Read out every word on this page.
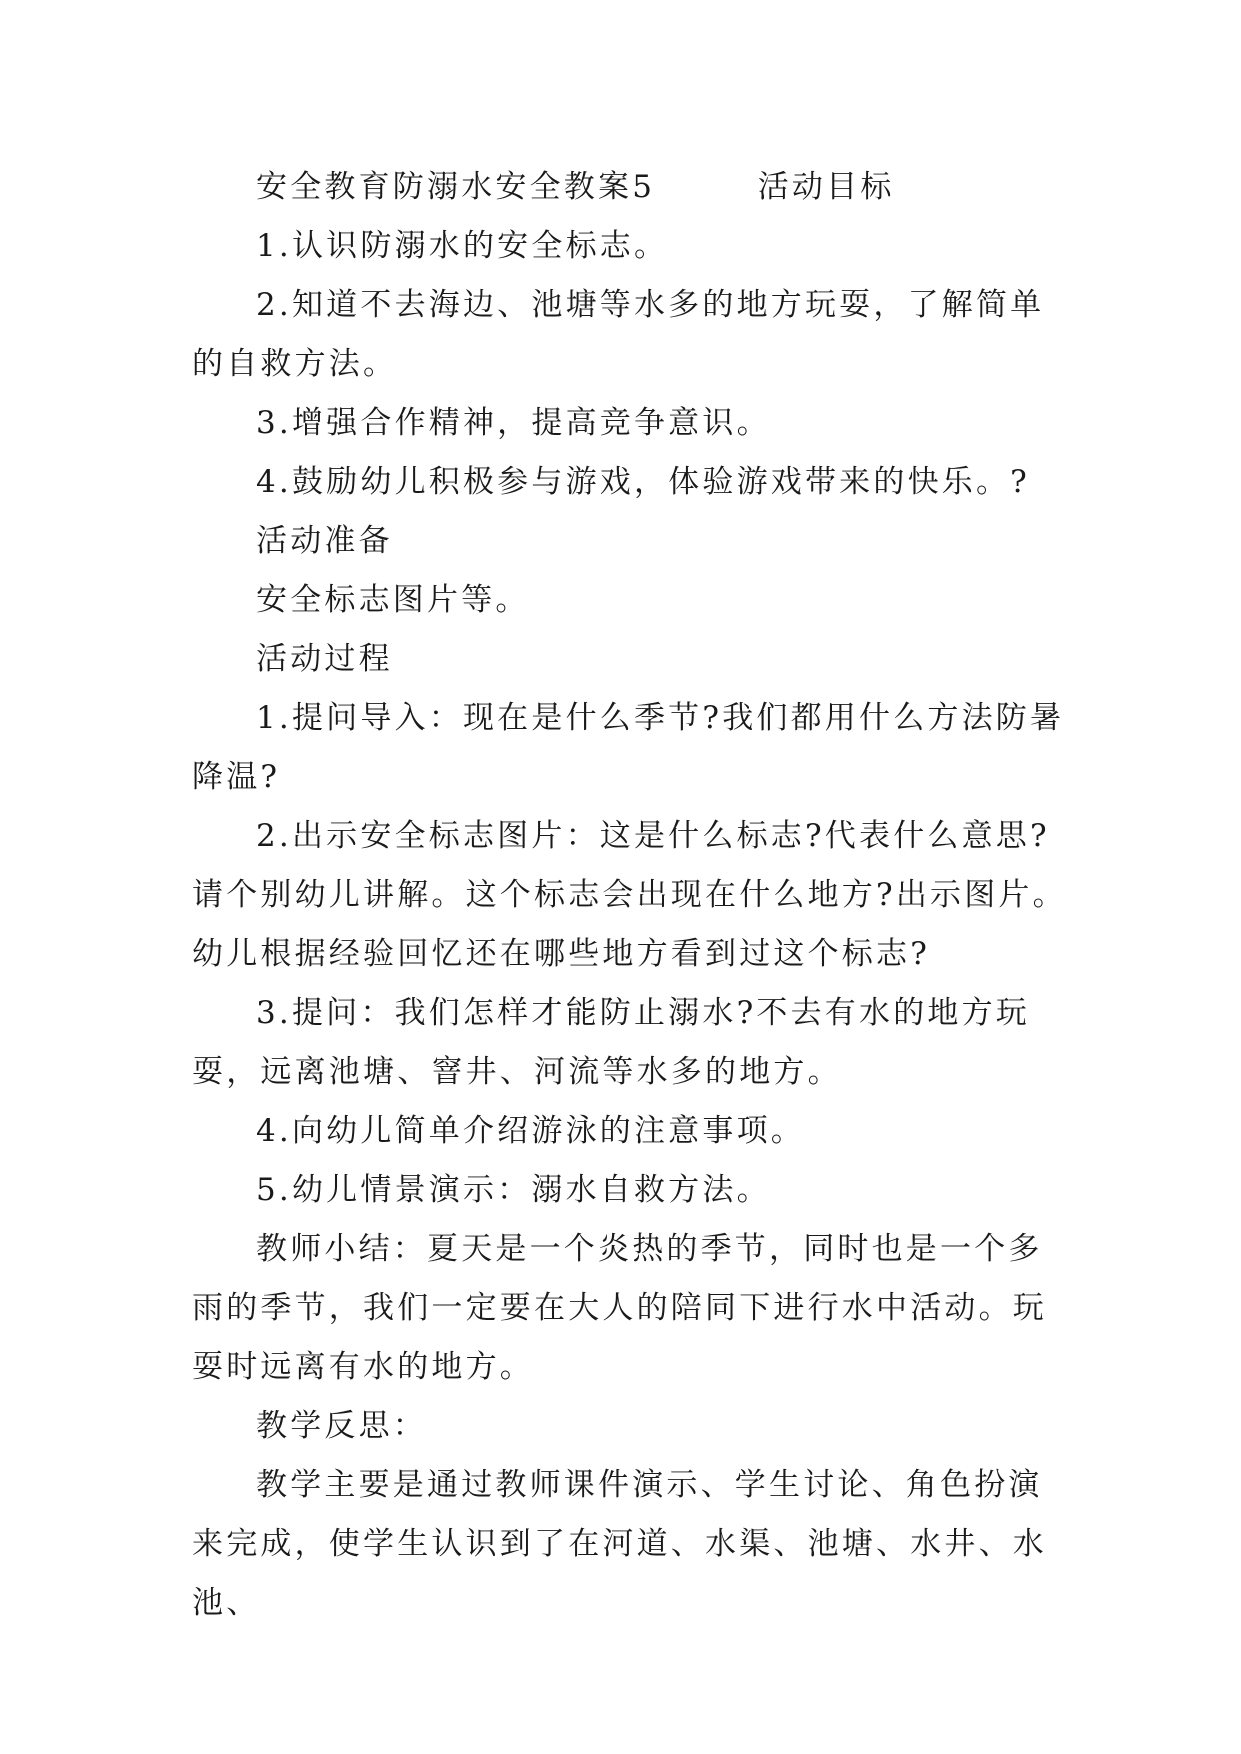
安全教育防溺水安全教案5　　　活动目标

1.认识防溺水的安全标志。

2.知道不去海边、池塘等水多的地方玩耍，了解简单的自救方法。

3.增强合作精神，提高竞争意识。

4.鼓励幼儿积极参与游戏，体验游戏带来的快乐。?

活动准备

安全标志图片等。

活动过程

1.提问导入：现在是什么季节?我们都用什么方法防暑降温?

2.出示安全标志图片：这是什么标志?代表什么意思?请个别幼儿讲解。这个标志会出现在什么地方?出示图片。幼儿根据经验回忆还在哪些地方看到过这个标志?

3.提问：我们怎样才能防止溺水?不去有水的地方玩耍，远离池塘、窨井、河流等水多的地方。

4.向幼儿简单介绍游泳的注意事项。

5.幼儿情景演示：溺水自救方法。

教师小结：夏天是一个炎热的季节，同时也是一个多雨的季节，我们一定要在大人的陪同下进行水中活动。玩耍时远离有水的地方。

教学反思：

教学主要是通过教师课件演示、学生讨论、角色扮演来完成，使学生认识到了在河道、水渠、池塘、水井、水池、
